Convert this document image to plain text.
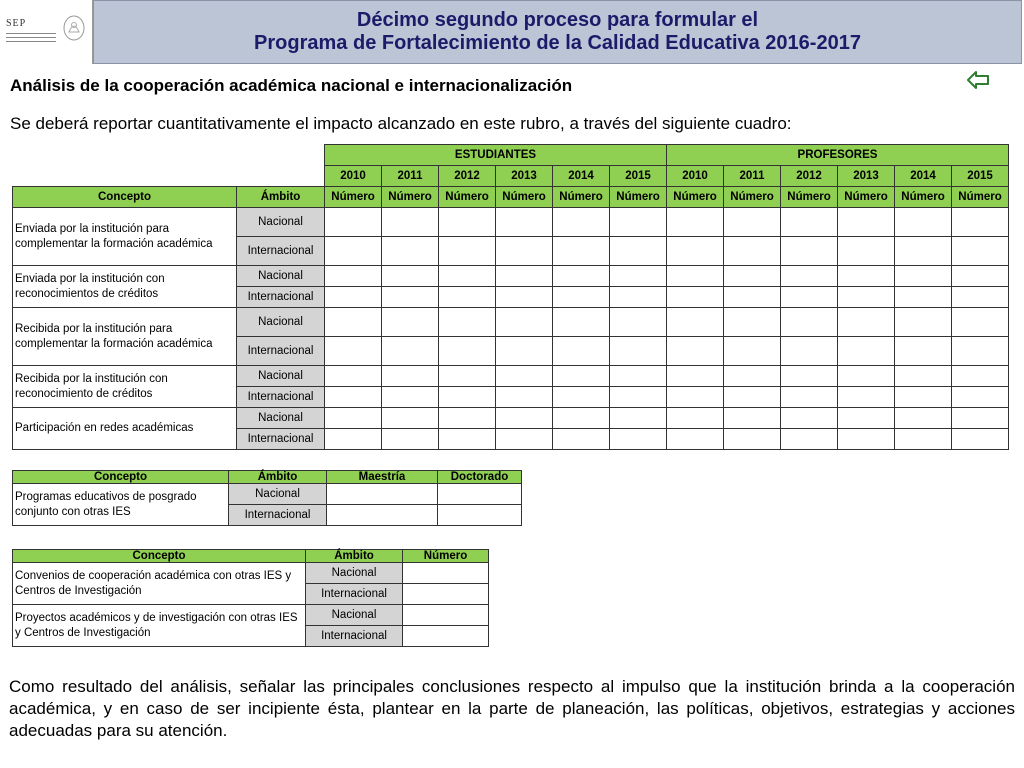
SEP	Décimo segundo proceso para formular el
Programa de Fortalecimiento de la Calidad Educativa 2016-2017
Análisis de la cooperación académica nacional e internacionalización
Se deberá reportar cuantitativamente el impacto alcanzado en este rubro, a través del siguiente cuadro:
		ESTUDIANTES						PROFESORES					
		2010	2011	2012	2013	2014	2015	2010	2011	2012	2013	2014	2015
Concepto	Ámbito	Número	Número	Número	Número	Número	Número	Número	Número	Número	Número	Número	Número
Enviada por la institución para complementar la formación académica	Nacional												
	Internacional												
Enviada por la institución con reconocimientos de créditos	Nacional												
	Internacional												
Recibida por la institución para complementar la formación académica	Nacional												
	Internacional												
Recibida por la institución con reconocimiento de créditos	Nacional												
	Internacional												
Participación en redes académicas	Nacional												
	Internacional												
Concepto	Ámbito	Maestría	Doctorado
Programas educativos de posgrado conjunto con otras IES	Nacional		
	Internacional		
Concepto	Ámbito	Número
Convenios de cooperación académica con otras IES y Centros de Investigación	Nacional	
	Internacional	
Proyectos académicos y de investigación con otras IES y Centros de Investigación	Nacional	
	Internacional	
Como resultado del análisis, señalar las principales conclusiones respecto al impulso que la institución brinda a la cooperación académica, y en caso de ser incipiente ésta, plantear en la parte de planeación, las políticas, objetivos, estrategias y acciones adecuadas para su atención.
